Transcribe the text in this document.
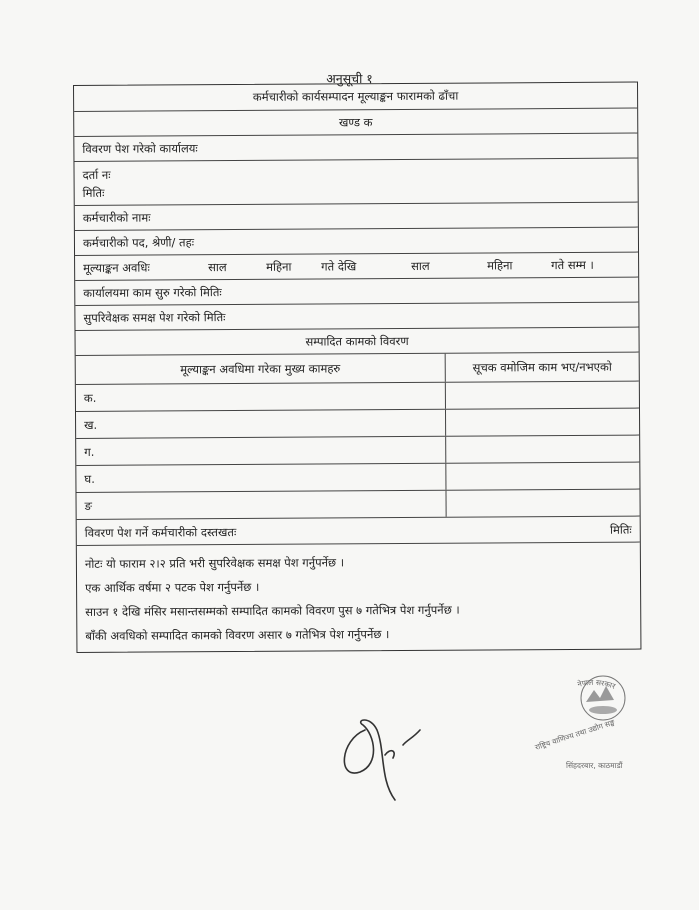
अनुसूची १
कर्मचारीको कार्यसम्पादन मूल्याङ्कन फारामको ढाँचा
खण्ड क
विवरण पेश गरेको कार्यालयः
दर्ता नः
मितिः
कर्मचारीको नामः
कर्मचारीको पद, श्रेणी/ तहः
मूल्याङ्कन अवधिः	साल	महिना	गते देखि	साल	महिना	गते सम्म ।
कार्यालयमा काम सुरु गरेको मितिः
सुपरिवेक्षक समक्ष पेश गरेको मितिः
सम्पादित कामको विवरण
मूल्याङ्कन अवधिमा गरेका मुख्य कामहरु	सूचक वमोजिम काम भए/नभएको
क.
ख.
ग.
घ.
ङ
विवरण पेश गर्ने कर्मचारीको दस्तखतः	मितिः
नोटः यो फाराम २।२ प्रति भरी सुपरिवेक्षक समक्ष पेश गर्नुपर्नेछ ।
एक आर्थिक वर्षमा २ पटक पेश गर्नुपर्नेछ ।
साउन १ देखि मंसिर मसान्तसम्मको सम्पादित कामको विवरण पुस ७ गतेभित्र पेश गर्नुपर्नेछ ।
बाँकी अवधिको सम्पादित कामको विवरण असार ७ गतेभित्र पेश गर्नुपर्नेछ ।
नेपाल सरकार
राष्ट्रिय वाणिज्य तथा उद्योग सङ्घ
सिंहदरबार, काठमाडौं
